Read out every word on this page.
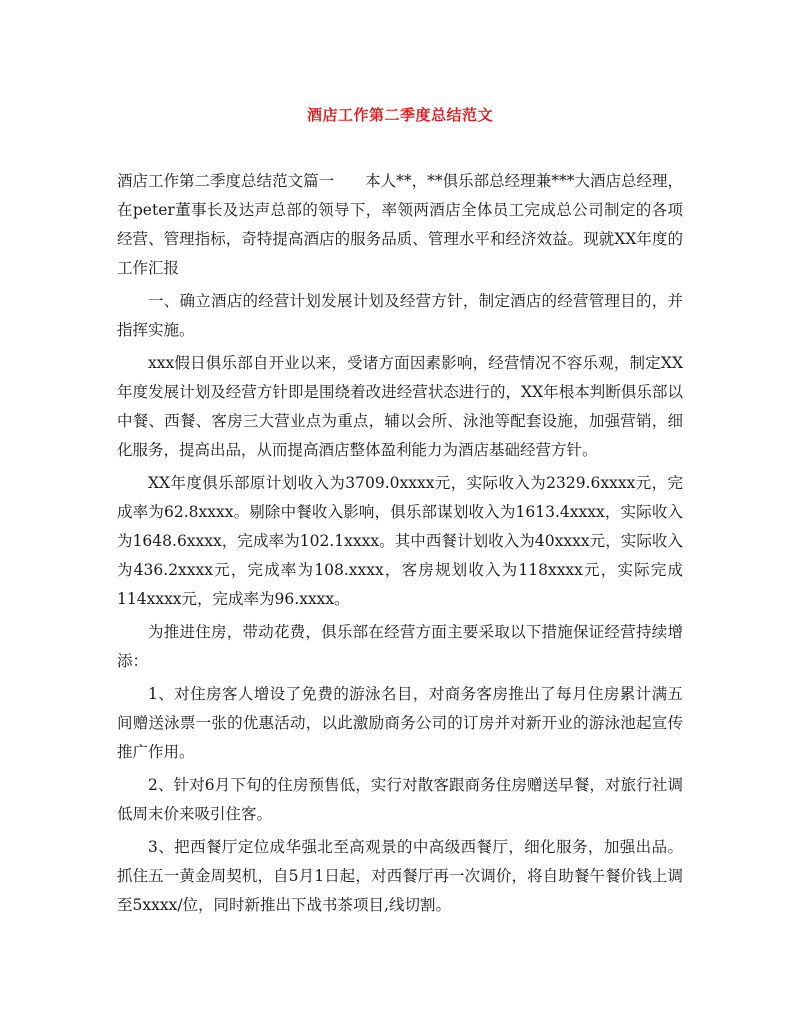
酒店工作第二季度总结范文

酒店工作第二季度总结范文篇一　　本人**，**俱乐部总经理兼***大酒店总经理，在peter董事长及达声总部的领导下，率领两酒店全体员工完成总公司制定的各项经营、管理指标，奇特提高酒店的服务品质、管理水平和经济效益。现就XX年度的工作汇报

一、确立酒店的经营计划发展计划及经营方针，制定酒店的经营管理目的，并指挥实施。

xxx假日俱乐部自开业以来，受诸方面因素影响，经营情况不容乐观，制定XX年度发展计划及经营方针即是围绕着改进经营状态进行的，XX年根本判断俱乐部以中餐、西餐、客房三大营业点为重点，辅以会所、泳池等配套设施，加强营销，细化服务，提高出品，从而提高酒店整体盈利能力为酒店基础经营方针。

XX年度俱乐部原计划收入为3709.0xxxx元，实际收入为2329.6xxxx元，完成率为62.8xxxx。剔除中餐收入影响，俱乐部谋划收入为1613.4xxxx，实际收入为1648.6xxxx，完成率为102.1xxxx。其中西餐计划收入为40xxxx元，实际收入为436.2xxxx元，完成率为108.xxxx，客房规划收入为118xxxx元，实际完成114xxxx元，完成率为96.xxxx。

为推进住房，带动花费，俱乐部在经营方面主要采取以下措施保证经营持续增添：

1、对住房客人增设了免费的游泳名目，对商务客房推出了每月住房累计满五间赠送泳票一张的优惠活动，以此激励商务公司的订房并对新开业的游泳池起宣传推广作用。

2、针对6月下旬的住房预售低，实行对散客跟商务住房赠送早餐，对旅行社调低周末价来吸引住客。

3、把西餐厅定位成华强北至高观景的中高级西餐厅，细化服务，加强出品。抓住五一黄金周契机，自5月1日起，对西餐厅再一次调价，将自助餐午餐价钱上调至5xxxx/位，同时新推出下战书茶项目,线切割。
